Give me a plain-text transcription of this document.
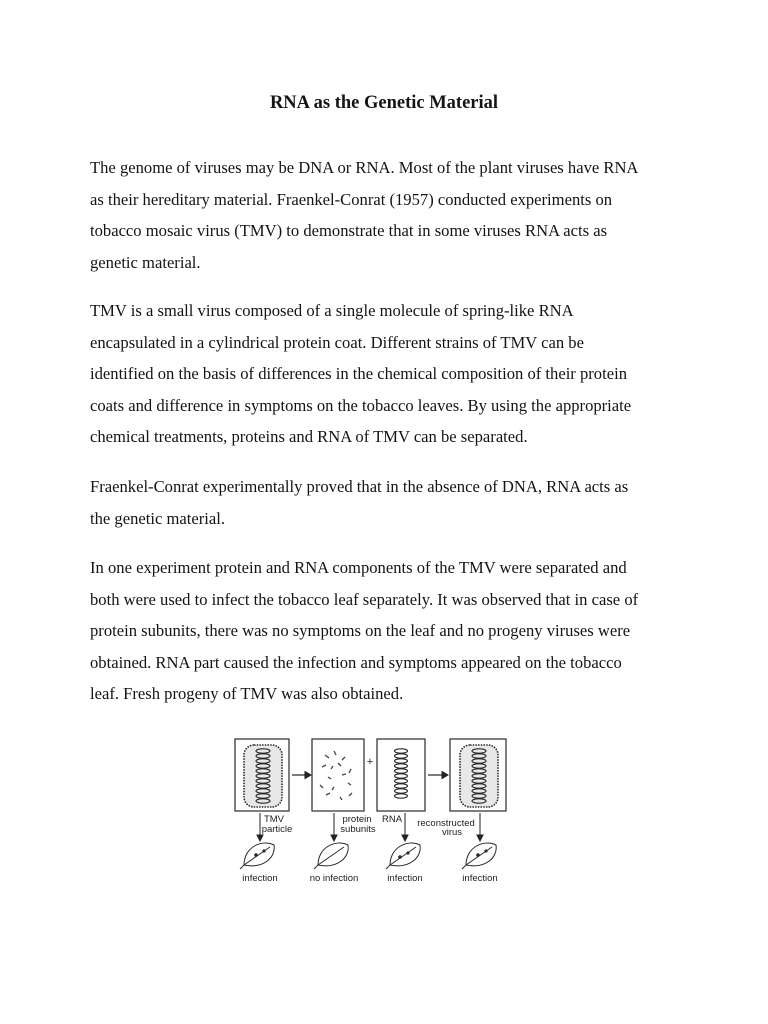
RNA as the Genetic Material

The genome of viruses may be DNA or RNA. Most of the plant viruses have RNA
as their hereditary material. Fraenkel-Conrat (1957) conducted experiments on
tobacco mosaic virus (TMV) to demonstrate that in some viruses RNA acts as
genetic material.

TMV is a small virus composed of a single molecule of spring-like RNA
encapsulated in a cylindrical protein coat. Different strains of TMV can be
identified on the basis of differences in the chemical composition of their protein
coats and difference in symptoms on the tobacco leaves. By using the appropriate
chemical treatments, proteins and RNA of TMV can be separated.

Fraenkel-Conrat experimentally proved that in the absence of DNA, RNA acts as
the genetic material.

In one experiment protein and RNA components of the TMV were separated and
both were used to infect the tobacco leaf separately. It was observed that in case of
protein subunits, there was no symptoms on the leaf and no progeny viruses were
obtained. RNA part caused the infection and symptoms appeared on the tobacco
leaf. Fresh progeny of TMV was also obtained.

+
TMV
particle
protein
subunits
RNA reconstructed
virus
infection	no infection	infection	infection
